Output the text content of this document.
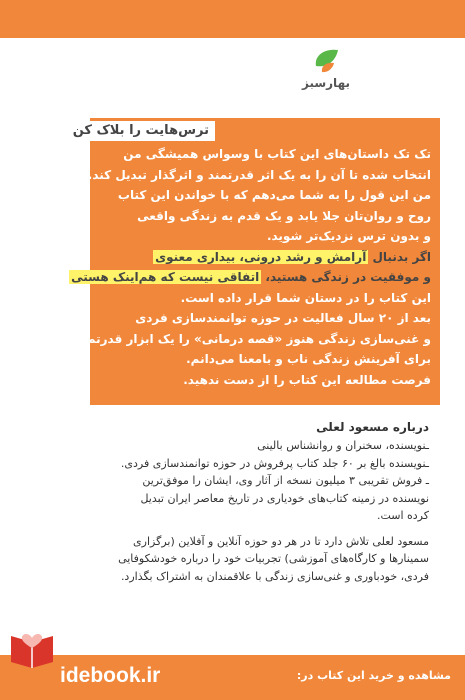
بهارسبز
ترس‌هایت را بلاک کن
تک تک داستان‌های این کتاب با وسواس همیشگی من
انتخاب شده تا آن را به یک اثر قدرتمند و اثرگذار تبدیل کند.
من این قول را به شما می‌دهم که با خواندن این کتاب
روح و روان‌تان جلا یابد و یک قدم به زندگی واقعی
و بدون ترس نزدیک‌تر شوید.
اگر بدنبال آرامش و رشد درونی، بیداری معنوی
و موفقیت در زندگی هستید، اتفاقی نیست که هم‌اینک هستی
این کتاب را در دستان شما قرار داده است.
بعد از ۲۰ سال فعالیت در حوزه توانمندسازی فردی
و غنی‌سازی زندگی هنوز «قصه درمانی» را یک ابزار قدرتمند
برای آفرینش زندگی ناب و بامعنا می‌دانم.
فرصت مطالعه این کتاب را از دست ندهید.
درباره مسعود لعلی
ـنویسنده، سخنران و روانشناس بالینی
ـنویسنده بالغ بر ۶۰ جلد کتاب پرفروش در حوزه توانمندسازی فردی.
ـ فروش تقریبی ۳ میلیون نسخه از آثار وی، ایشان را موفق‌ترین
نویسنده در زمینه کتاب‌های خودیاری در تاریخ معاصر ایران تبدیل
کرده است.
مسعود لعلی تلاش دارد تا در هر دو حوزه آنلاین و آفلاین (برگزاری
سمینارها و کارگاه‌های آموزشی) تجربیات خود را درباره خودشکوفایی
فردی، خودباوری و غنی‌سازی زندگی با علاقمندان به اشتراک بگذارد.
idebook.ir	مشاهده و خرید این کتاب در:
